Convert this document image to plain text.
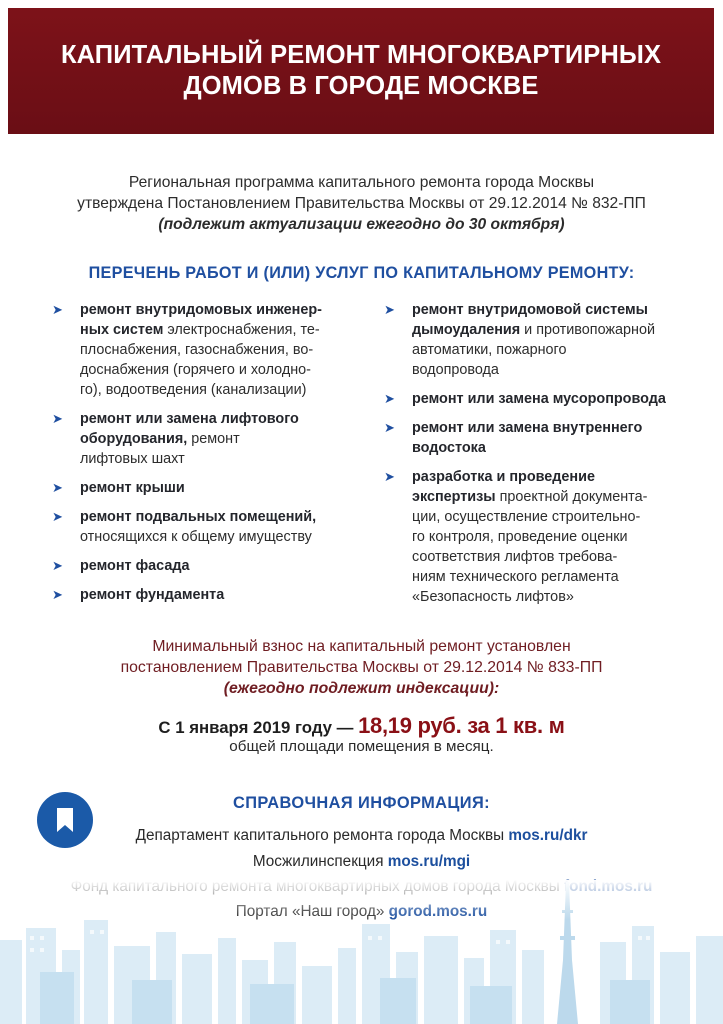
КАПИТАЛЬНЫЙ РЕМОНТ МНОГОКВАРТИРНЫХ
ДОМОВ В ГОРОДЕ МОСКВЕ
Региональная программа капитального ремонта города Москвы
утверждена Постановлением Правительства Москвы от 29.12.2014 № 832-ПП
(подлежит актуализации ежегодно до 30 октября)
ПЕРЕЧЕНЬ РАБОТ И (ИЛИ) УСЛУГ ПО КАПИТАЛЬНОМУ РЕМОНТУ:
➤ ремонт внутридомовых инженер-
ных систем электроснабжения, те-
плоснабжения, газоснабжения, во-
доснабжения (горячего и холодно-
го), водоотведения (канализации)
➤ ремонт или замена лифтового
оборудования, ремонт
лифтовых шахт
➤ ремонт крыши
➤ ремонт подвальных помещений,
относящихся к общему имуществу
➤ ремонт фасада
➤ ремонт фундамента
➤ ремонт внутридомовой системы
дымоудаления и противопожарной
автоматики, пожарного
водопровода
➤ ремонт или замена мусоропровода
➤ ремонт или замена внутреннего
водостока
➤ разработка и проведение
экспертизы проектной документа-
ции, осуществление строительно-
го контроля, проведение оценки
соответствия лифтов требова-
ниям технического регламента
«Безопасность лифтов»
Минимальный взнос на капитальный ремонт установлен
постановлением Правительства Москвы от 29.12.2014 № 833-ПП
(ежегодно подлежит индексации):
С 1 января 2019 году — 18,19 руб. за 1 кв. м
общей площади помещения в месяц.
СПРАВОЧНАЯ ИНФОРМАЦИЯ:
Департамент капитального ремонта города Москвы mos.ru/dkr
Мосжилинспекция mos.ru/mgi
